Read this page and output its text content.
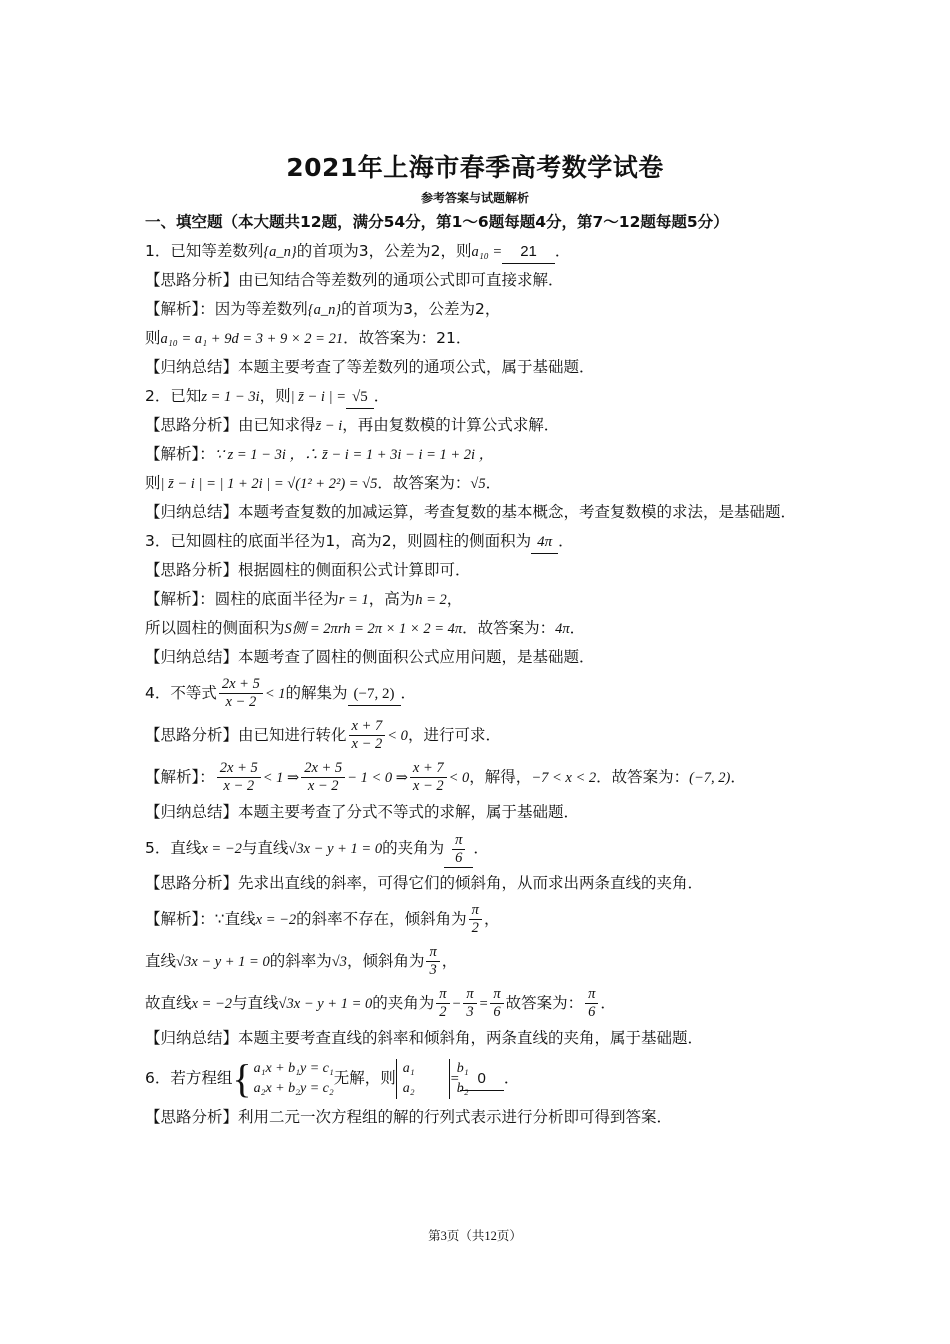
2021年上海市春季高考数学试卷
参考答案与试题解析
一、填空题（本大题共12题，满分54分，第1～6题每题4分，第7～12题每题5分）
1．已知等差数列{a_n}的首项为3，公差为2，则a₁₀ = 21 ．
【思路分析】由已知结合等差数列的通项公式即可直接求解．
【解析】：因为等差数列{a_n}的首项为3，公差为2，
则a₁₀ = a₁ + 9d = 3 + 9 × 2 = 21．故答案为：21．
【归纳总结】本题主要考查了等差数列的通项公式，属于基础题．
2．已知z = 1 − 3i，则| z̄ − i | = √5 ．
【思路分析】由已知求得z̄ − i，再由复数模的计算公式求解．
【解析】：∵ z = 1 − 3i ，∴ z̄ − i = 1 + 3i − i = 1 + 2i ，
则| z̄ − i | = | 1 + 2i | = √(1² + 2²) = √5．故答案为：√5．
【归纳总结】本题考查复数的加减运算，考查复数的基本概念，考查复数模的求法，是基础题．
3．已知圆柱的底面半径为1，高为2，则圆柱的侧面积为 4π ．
【思路分析】根据圆柱的侧面积公式计算即可．
【解析】：圆柱的底面半径为r = 1，高为h = 2，
所以圆柱的侧面积为S侧 = 2πrh = 2π × 1 × 2 = 4π．故答案为：4π．
【归纳总结】本题考查了圆柱的侧面积公式应用问题，是基础题．
4．不等式 $\frac{2x + 5}{x - 2} < 1$的解集为 (−7, 2) ．
【思路分析】由已知进行转化 $\frac{x + 7}{x - 2} < 0$，进行可求．
【解析】： $\frac{2x + 5}{x - 2} < 1$ ⇒ $\frac{2x + 5}{x - 2} - 1 < 0$ ⇒ $\frac{x + 7}{x - 2} < 0$，解得，−7 < x < 2．故答案为：(−7, 2)．
【归纳总结】本题主要考查了分式不等式的求解，属于基础题．
5．直线x = −2与直线√3x − y + 1 = 0的夹角为 $\frac{\pi}{6}$ ．
【思路分析】先求出直线的斜率，可得它们的倾斜角，从而求出两条直线的夹角．
【解析】：∵直线x = −2的斜率不存在，倾斜角为 $\frac{\pi}{2}$ ，
直线√3x − y + 1 = 0的斜率为√3，倾斜角为 $\frac{\pi}{3}$ ，
故直线x = −2与直线√3x − y + 1 = 0的夹角为 $\frac{\pi}{2} - \frac{\pi}{3} = \frac{\pi}{6}$ 故答案为： $\frac{\pi}{6}$ ．
【归纳总结】本题主要考查直线的斜率和倾斜角，两条直线的夹角，属于基础题．
6．若方程组 { a₁x + b₁y = c₁
a₂x + b₂y = c₂
无解，则
a₁	b₁
a₂	b₂
= 0 ．
【思路分析】利用二元一次方程组的解的行列式表示进行分析即可得到答案．
第3页（共12页）
